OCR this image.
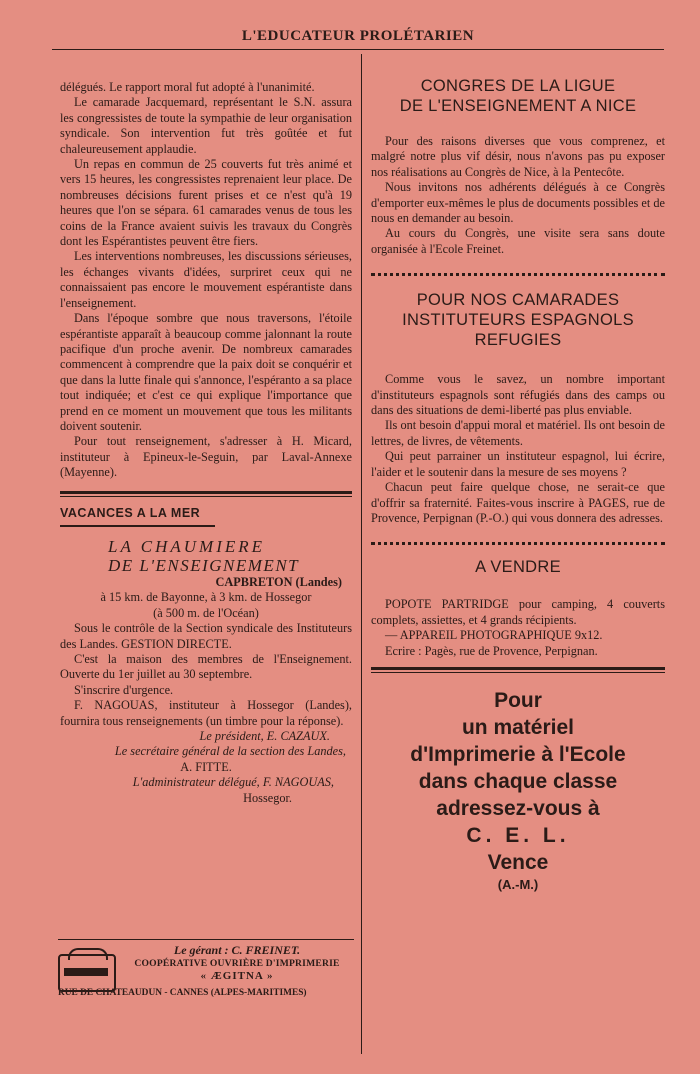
L'EDUCATEUR PROLÉTARIEN

délégués. Le rapport moral fut adopté à l'unanimité.

Le camarade Jacquemard, représentant le S.N. assura les congressistes de toute la sympathie de leur organisation syndicale. Son intervention fut très goûtée et fut chaleureusement applaudie.

Un repas en commun de 25 couverts fut très animé et vers 15 heures, les congressistes reprenaient leur place. De nombreuses décisions furent prises et ce n'est qu'à 19 heures que l'on se sépara. 61 camarades venus de tous les coins de la France avaient suivis les travaux du Congrès dont les Espérantistes peuvent être fiers.

Les interventions nombreuses, les discussions sérieuses, les échanges vivants d'idées, surpriret ceux qui ne connaissaient pas encore le mouvement espérantiste dans l'enseignement.

Dans l'époque sombre que nous traversons, l'étoile espérantiste apparaît à beaucoup comme jalonnant la route pacifique d'un proche avenir. De nombreux camarades commencent à comprendre que la paix doit se conquérir et que dans la lutte finale qui s'annonce, l'espéranto a sa place tout indiquée; et c'est ce qui explique l'importance que prend en ce moment un mouvement que tous les militants doivent soutenir.

Pour tout renseignement, s'adresser à H. Micard, instituteur à Epineux-le-Seguin, par Laval-Annexe (Mayenne).

VACANCES A LA MER
LA CHAUMIERE
DE L'ENSEIGNEMENT
CAPBRETON (Landes)
à 15 km. de Bayonne, à 3 km. de Hossegor
(à 500 m. de l'Océan)

Sous le contrôle de la Section syndicale des Instituteurs des Landes. GESTION DIRECTE.

C'est la maison des membres de l'Enseignement. Ouverte du 1er juillet au 30 septembre.

S'inscrire d'urgence.

F. NAGOUAS, instituteur à Hossegor (Landes), fournira tous renseignements (un timbre pour la réponse).

Le président, E. CAZAUX.
Le secrétaire général de la section des Landes,
A. FITTE.
L'administrateur délégué, F. NAGOUAS,
Hossegor.
Le gérant : C. FREINET.
COOPÉRATIVE OUVRIÈRE D'IMPRIMERIE
« ÆGITNA »
RUE DE CHATEAUDUN - CANNES (ALPES-MARITIMES)
CONGRES DE LA LIGUE
DE L'ENSEIGNEMENT A NICE

Pour des raisons diverses que vous comprenez, et malgré notre plus vif désir, nous n'avons pas pu exposer nos réalisations au Congrès de Nice, à la Pentecôte.

Nous invitons nos adhérents délégués à ce Congrès d'emporter eux-mêmes le plus de documents possibles et de nous en demander au besoin.

Au cours du Congrès, une visite sera sans doute organisée à l'Ecole Freinet.

POUR NOS CAMARADES
INSTITUTEURS ESPAGNOLS
REFUGIES

Comme vous le savez, un nombre important d'instituteurs espagnols sont réfugiés dans des camps ou dans des situations de demi-liberté pas plus enviable.

Ils ont besoin d'appui moral et matériel. Ils ont besoin de lettres, de livres, de vêtements.

Qui peut parrainer un instituteur espagnol, lui écrire, l'aider et le soutenir dans la mesure de ses moyens ?

Chacun peut faire quelque chose, ne serait-ce que d'offrir sa fraternité. Faites-vous inscrire à PAGES, rue de Provence, Perpignan (P.-O.) qui vous donnera des adresses.

A VENDRE

POPOTE PARTRIDGE pour camping, 4 couverts complets, assiettes, et 4 grands récipients.

— APPAREIL PHOTOGRAPHIQUE 9x12.

Ecrire : Pagès, rue de Provence, Perpignan.

Pour
un matériel
d'Imprimerie à l'Ecole
dans chaque classe
adressez-vous à
C. E. L.
Vence
(A.-M.)
